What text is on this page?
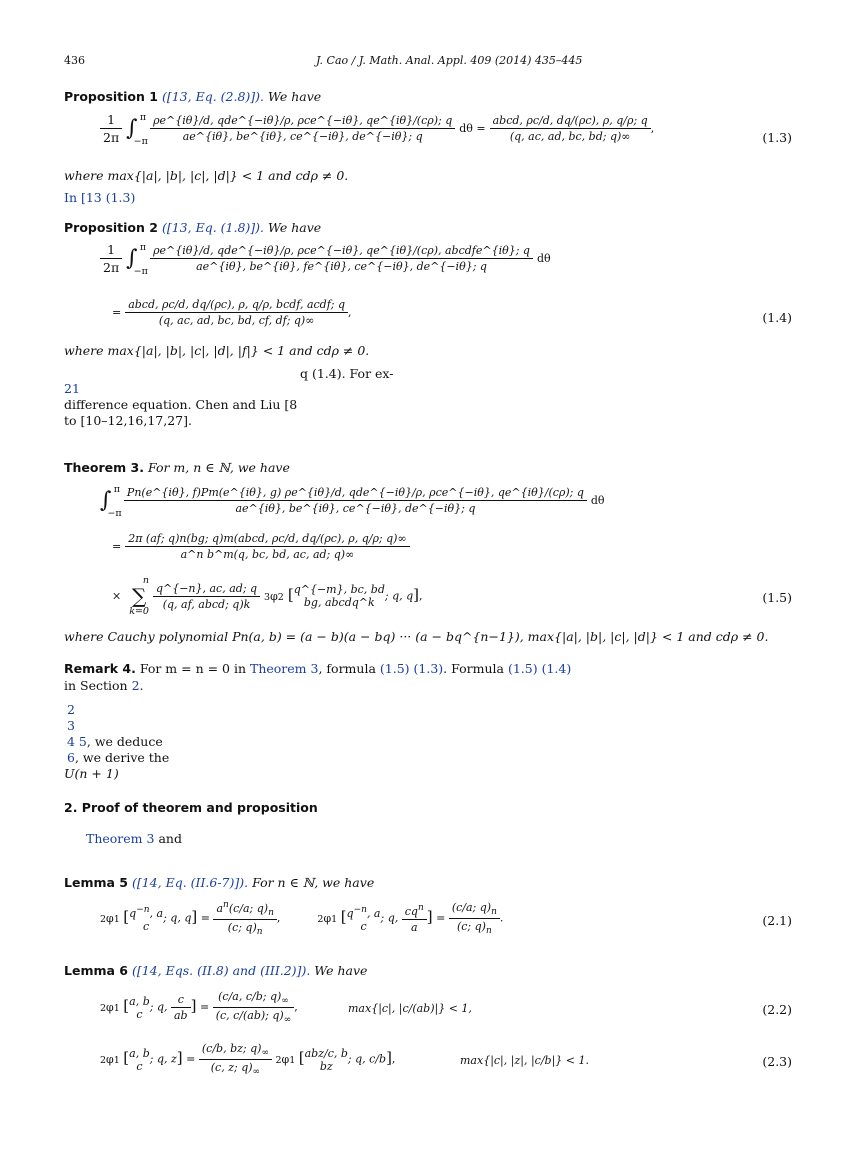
436	J. Cao / J. Math. Anal. Appl. 409 (2014) 435–445
Proposition 1 ([13, Eq. (2.8)]). We have
$\frac{1}{2\pi} \int_{-\pi}^\pi \frac{\text{ρe\textasciicircum{}\{iθ\}/d, qde\textasciicircum{}\{−iθ\}/ρ, ρce\textasciicircum{}\{−iθ\}, qe\textasciicircum{}\{iθ\}/(cρ); q}}{ae\^{}\{i\theta\}, be\^{}\{i\theta\}, ce\^{}\{-i\theta\}, de\^{}\{-i\theta\}; q}$ $d\theta = \frac{\text{abcd, ρc/d, dq/(ρc), ρ, q/ρ; q}}{(q, ac, ad, bc, bd; q)\infty}$ ,
(1.3)
where max{|a|, |b|, |c|, |d|} < 1 and cdρ ≠ 0.
In [13 (1.3)
Proposition 2 ([13, Eq. (1.8)]). We have
$\frac{1}{2\pi} \int_{-\pi}^\pi$ ρe^{iθ}/d, qde^{−iθ}/ρ, ρce^{−iθ}, qe^{iθ}/(cρ), abcdfe^{iθ}; q
ae^{iθ}, be^{iθ}, fe^{iθ}, ce^{−iθ}, de^{−iθ}; q
dθ
= $\frac{\text{abcd, ρc/d, dq/(ρc), ρ, q/ρ, bcdf, acdf; q}}{(q, ac, ad, bc, bd, cf, df; q)\infty}$ ,	(1.4)
where max{|a|, |b|, |c|, |d|, |f|} < 1 and cdρ ≠ 0.
q (1.4). For ex-
21
difference equation. Chen and Liu [8
to [10–12,16,17,27].
Theorem 3. For m, n ∈ ℕ, we have
$\int_{-\pi}^\pi$ Pn(e^{iθ}, f)Pm(e^{iθ}, g) ρe^{iθ}/d, qde^{−iθ}/ρ, ρce^{−iθ}, qe^{iθ}/(cρ); q
ae^{iθ}, be^{iθ}, ce^{−iθ}, de^{−iθ}; q
dθ
= $\frac{\text{2π (af; q)n(bg; q)m(abcd, ρc/d, dq/(ρc), ρ, q/ρ; q)∞}}{\text{a\textasciicircum{}n b\textasciicircum{}m(q, bc, bd, ac, ad; q)∞}}$
×
n
∑
k=0

$\frac{q\^{}\{-n\}, ac, ad; q}{\text{(q, af, abcd; q)k}} 3\varphi 2$ [ q^{−m}, bc, bd
bg, abcdq^k ; q, q],	(1.5)
where Cauchy polynomial Pn(a, b) = (a − b)(a − bq) ··· (a − bq^{n−1}), max{|a|, |b|, |c|, |d|} < 1 and cdρ ≠ 0.
Remark 4. For m = n = 0 in Theorem 3, formula (1.5) (1.3). Formula (1.5) (1.4)
in Section 2.
2
3
4 5, we deduce
6, we derive the
U(n + 1)
2. Proof of theorem and proposition
Theorem 3 and
Lemma 5 ([14, Eq. (II.6-7)]). For n ∈ ℕ, we have
2φ1 [ $q^{-n}$, a
c
; q, $q] = \frac{a^n(c/a; q)_n}{(c; q)_n}$ ,	2φ1 [ $q^{-n}$, a
c
; q, $\frac{cq^n}{a}$ ] = $\frac{(c/a; q)_n}{(c; q)_n}$ .	(2.1)
Lemma 6 ([14, Eqs. (II.8) and (III.2)]). We have
2φ1 [ a, b
c
; q, $\frac{c}{ab}$ ] = $\frac{(c/a, c/b; q)_\infty}{(c, c/(ab); q)_\infty}$ ,	max{|c|, |c/(ab)|} < 1,	(2.2)
2φ1 [ a, b
c
; q, $z] = \frac{(c/b, bz; q)_\infty}{(c, z; q)_\infty} 2\varphi 1$ [ abz/c, b
bz
; q, c/b],	max{|c|, |z|, |c/b|} < 1.	(2.3)
